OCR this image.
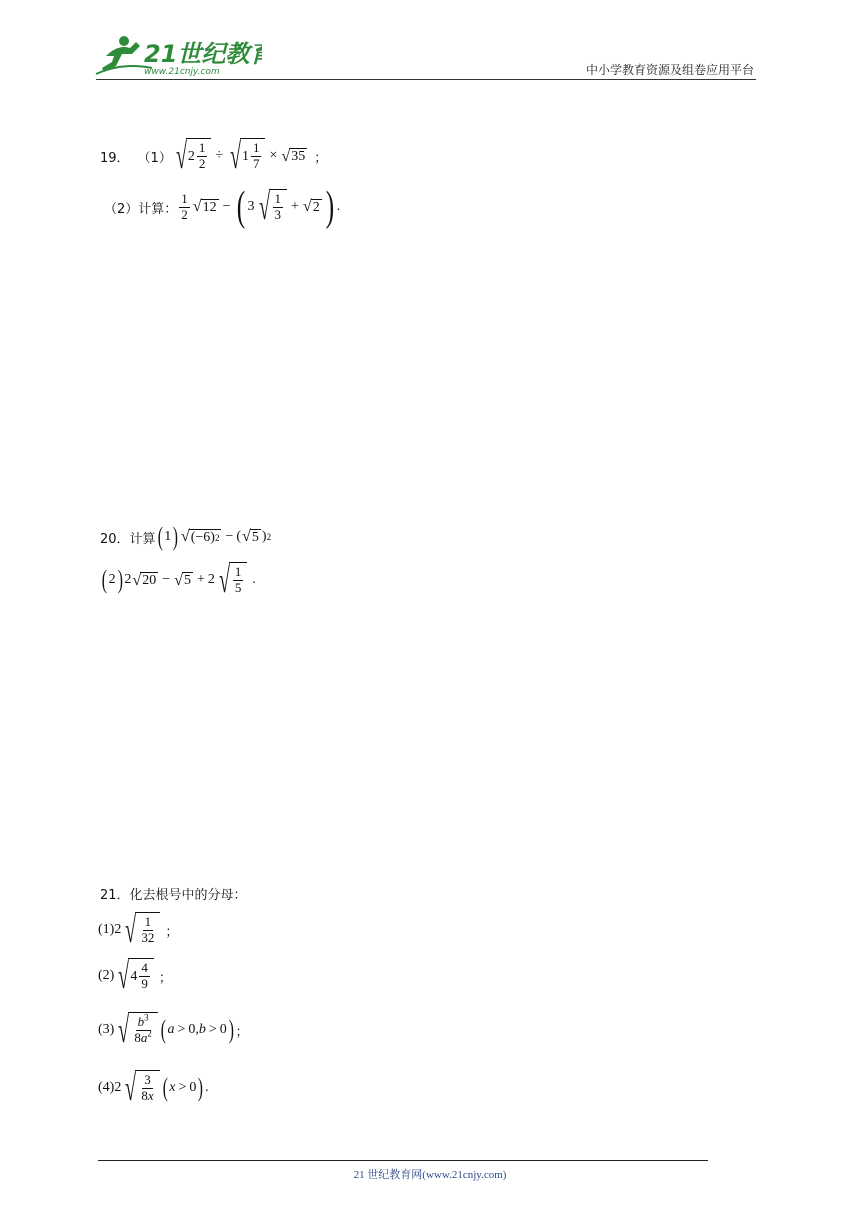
21世纪教育
www.21cnjy.com	中小学教育资源及组卷应用平台
19． （1） √ $2 \frac{1}{2}$ ÷ √ $1 \frac{1}{7}$ × √ 35 ；
（2）计算： $\frac{1}{2}$ √ 12 − ( 3 √ $\frac{1}{3}$ + √ 2 ) .
20．计算 ( 1 ) √ (−6) 2 − ( √ 5 ) 2
( 2 ) 2 √ 20 − √ 5 + 2 √ $\frac{1}{5}$ .
21．化去根号中的分母：
(1) 2 √ $\frac{1}{32}$ ；
(2) √ $4 \frac{4}{9}$ ；
(3) √ $\frac{b^3}{8a^2}$ ( a > 0, b > 0 ) ；
(4) 2 √ $\frac{3}{8x}$ ( x > 0 ) .
21 世纪教育网(www.21cnjy.com)
